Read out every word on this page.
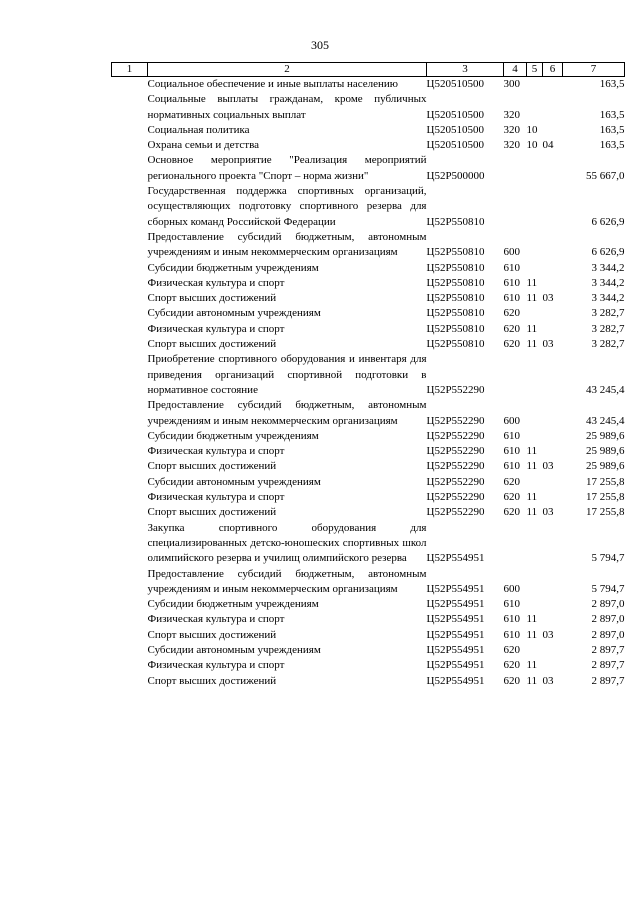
305
1	2	3	4	5	6	7
	Социальное обеспечение и иные выплаты населению	Ц520510500	300			163,5
	Социальные выплаты гражданам, кроме публичных нормативных социальных выплат	Ц520510500	320			163,5
	Социальная политика	Ц520510500	320	10		163,5
	Охрана семьи и детства	Ц520510500	320	10	04	163,5
	Основное мероприятие "Реализация мероприятий регионального проекта "Спорт – норма жизни"	Ц52P500000				55 667,0
	Государственная поддержка спортивных организаций, осуществляющих подготовку спортивного резерва для сборных команд Российской Федерации	Ц52P550810				6 626,9
	Предоставление субсидий бюджетным, автономным учреждениям и иным некоммерческим организациям	Ц52P550810	600			6 626,9
	Субсидии бюджетным учреждениям	Ц52P550810	610			3 344,2
	Физическая культура и спорт	Ц52P550810	610	11		3 344,2
	Спорт высших достижений	Ц52P550810	610	11	03	3 344,2
	Субсидии автономным учреждениям	Ц52P550810	620			3 282,7
	Физическая культура и спорт	Ц52P550810	620	11		3 282,7
	Спорт высших достижений	Ц52P550810	620	11	03	3 282,7
	Приобретение спортивного оборудования и инвентаря для приведения организаций спортивной подготовки в нормативное состояние	Ц52P552290				43 245,4
	Предоставление субсидий бюджетным, автономным учреждениям и иным некоммерческим организациям	Ц52P552290	600			43 245,4
	Субсидии бюджетным учреждениям	Ц52P552290	610			25 989,6
	Физическая культура и спорт	Ц52P552290	610	11		25 989,6
	Спорт высших достижений	Ц52P552290	610	11	03	25 989,6
	Субсидии автономным учреждениям	Ц52P552290	620			17 255,8
	Физическая культура и спорт	Ц52P552290	620	11		17 255,8
	Спорт высших достижений	Ц52P552290	620	11	03	17 255,8
	Закупка спортивного оборудования для специализированных детско-юношеских спортивных школ олимпийского резерва и училищ олимпийского резерва	Ц52P554951				5 794,7
	Предоставление субсидий бюджетным, автономным учреждениям и иным некоммерческим организациям	Ц52P554951	600			5 794,7
	Субсидии бюджетным учреждениям	Ц52P554951	610			2 897,0
	Физическая культура и спорт	Ц52P554951	610	11		2 897,0
	Спорт высших достижений	Ц52P554951	610	11	03	2 897,0
	Субсидии автономным учреждениям	Ц52P554951	620			2 897,7
	Физическая культура и спорт	Ц52P554951	620	11		2 897,7
	Спорт высших достижений	Ц52P554951	620	11	03	2 897,7
